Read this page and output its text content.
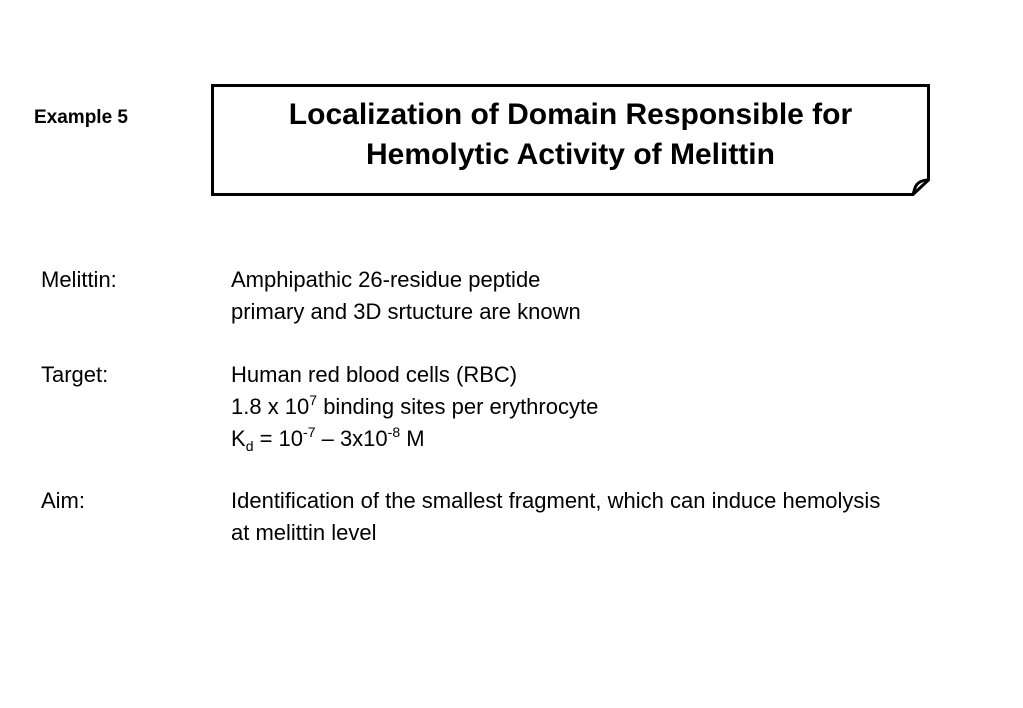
Example 5	Localization of Domain Responsible for
Hemolytic Activity of Melittin
Melittin:	Amphipathic 26-residue peptide
primary and 3D srtucture are known
Target:	Human red blood cells (RBC)
1.8 x $10^7$ binding sites per erythrocyte
$K_d = 10^{-7} - 3x10^{-8}$ M
Aim:	Identification of the smallest fragment, which can induce hemolysis
at melittin level
